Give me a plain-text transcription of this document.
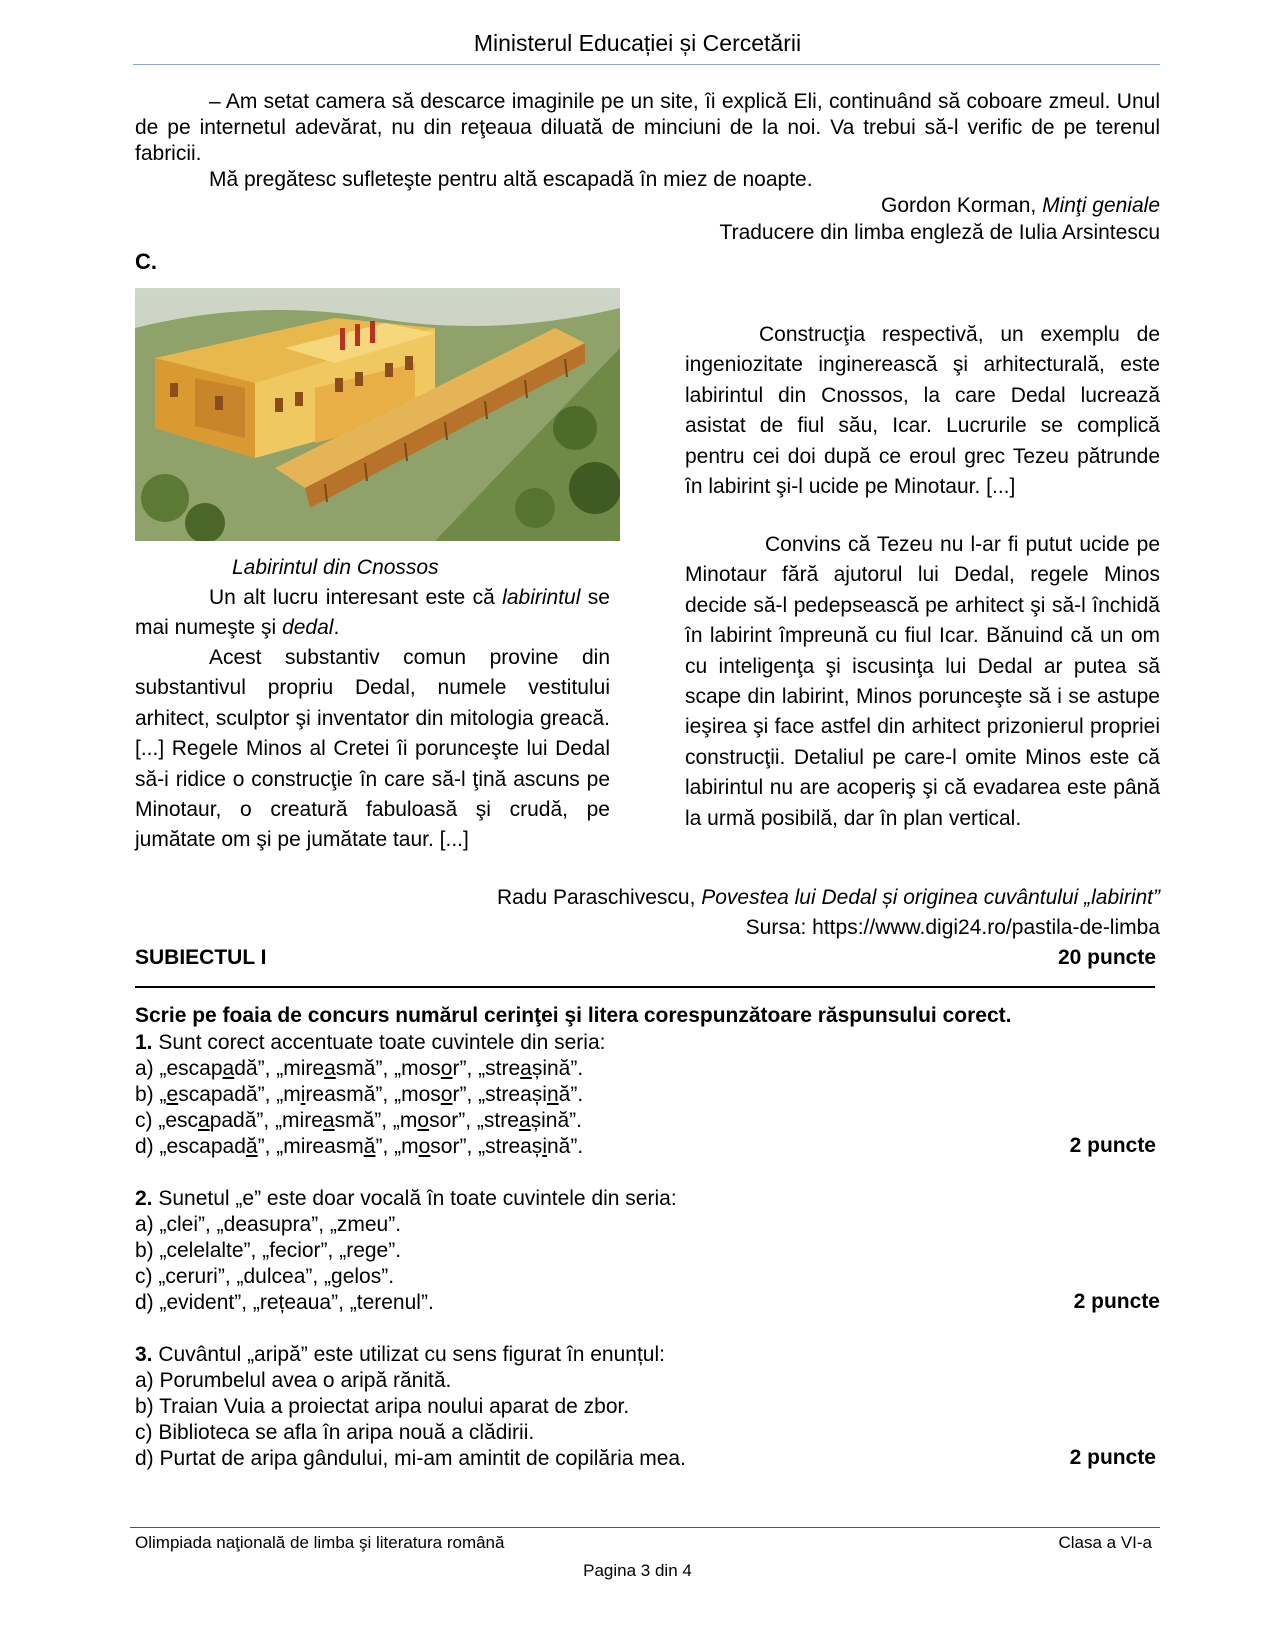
Ministerul Educației și Cercetării
– Am setat camera să descarce imaginile pe un site, îi explică Eli, continuând să coboare zmeul. Unul de pe internetul adevărat, nu din reţeaua diluată de minciuni de la noi. Va trebui să-l verific de pe terenul fabricii.
Mă pregătesc sufleteşte pentru altă escapadă în miez de noapte.
Gordon Korman, Minţi geniale
Traducere din limba engleză de Iulia Arsintescu
C.
Labirintul din Cnossos
Un alt lucru interesant este că labirintul se mai numeşte şi dedal.
Acest substantiv comun provine din substantivul propriu Dedal, numele vestitului arhitect, sculptor şi inventator din mitologia greacă. [...] Regele Minos al Cretei îi porunceşte lui Dedal să-i ridice o construcţie în care să-l ţină ascuns pe Minotaur, o creatură fabuloasă şi crudă, pe jumătate om şi pe jumătate taur. [...]
Construcţia respectivă, un exemplu de ingeniozitate inginerească şi arhitecturală, este labirintul din Cnossos, la care Dedal lucrează asistat de fiul său, Icar. Lucrurile se complică pentru cei doi după ce eroul grec Tezeu pătrunde în labirint şi-l ucide pe Minotaur. [...]
Convins că Tezeu nu l-ar fi putut ucide pe Minotaur fără ajutorul lui Dedal, regele Minos decide să-l pedepsească pe arhitect şi să-l închidă în labirint împreună cu fiul Icar. Bănuind că un om cu inteligenţa şi iscusinţa lui Dedal ar putea să scape din labirint, Minos porunceşte să i se astupe ieşirea şi face astfel din arhitect prizonierul propriei construcţii. Detaliul pe care-l omite Minos este că labirintul nu are acoperiş şi că evadarea este până la urmă posibilă, dar în plan vertical.
Radu Paraschivescu, Povestea lui Dedal și originea cuvântului „labirint”
Sursa: https://www.digi24.ro/pastila-de-limba
SUBIECTUL I	20 puncte
Scrie pe foaia de concurs numărul cerinţei şi litera corespunzătoare răspunsului corect.
1. Sunt corect accentuate toate cuvintele din seria:
a) „escapadă”, „mireasmă”, „mosor”, „streașină”.
b) „escapadă”, „mireasmă”, „mosor”, „streașină”.
c) „escapadă”, „mireasmă”, „mosor”, „streașină”.
d) „escapadă”, „mireasmă”, „mosor”, „streașină”.	2 puncte
2. Sunetul „e” este doar vocală în toate cuvintele din seria:
a) „clei”, „deasupra”, „zmeu”.
b) „celelalte”, „fecior”, „rege”.
c) „ceruri”, „dulcea”, „gelos”.
d) „evident”, „rețeaua”, „terenul”.	2 puncte
3. Cuvântul „aripă” este utilizat cu sens figurat în enunțul:
a) Porumbelul avea o aripă rănită.
b) Traian Vuia a proiectat aripa noului aparat de zbor.
c) Biblioteca se afla în aripa nouă a clădirii.
d) Purtat de aripa gândului, mi-am amintit de copilăria mea.	2 puncte
Olimpiada naţională de limba şi literatura română	Clasa a VI-a
Pagina 3 din 4
